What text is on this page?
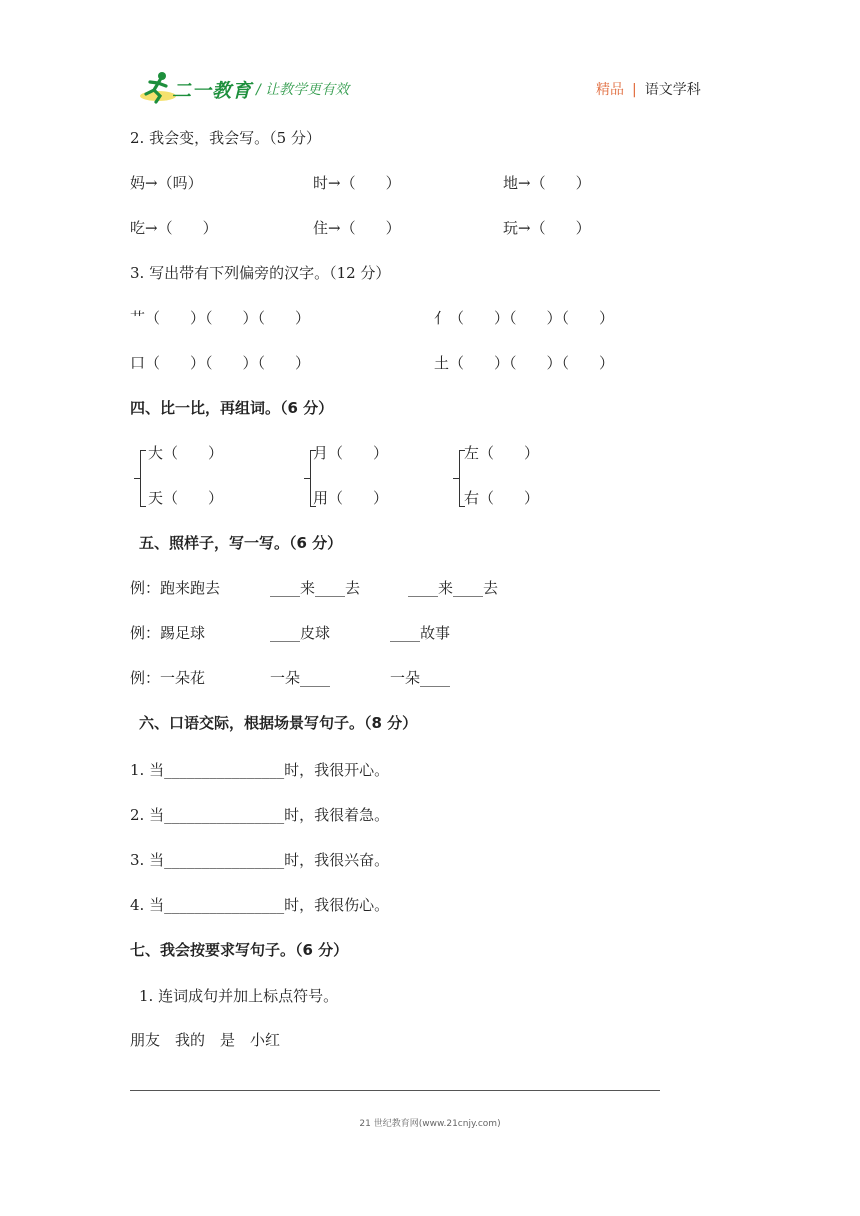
二一教育 / 让教学更有效	精品 | 语文学科
2. 我会变，我会写。（5 分）
妈→（吗）	时→（　　）	地→（　　）
吃→（　　）	住→（　　）	玩→（　　）
3. 写出带有下列偏旁的汉字。（12 分）
艹（　　）（　　）（　　）	亻（　　）（　　）（　　）
口（　　）（　　）（　　）	土（　　）（　　）（　　）
四、比一比，再组词。（6 分）
大（　　）
天（　　）
月（　　）
用（　　）
左（　　）
右（　　）
五、照样子，写一写。（6 分）
例：跑来跑去	____来____去	____来____去
例：踢足球	____皮球	____故事
例：一朵花	一朵____	一朵____
六、口语交际，根据场景写句子。（8 分）
1. 当________________时，我很开心。
2. 当________________时，我很着急。
3. 当________________时，我很兴奋。
4. 当________________时，我很伤心。
七、我会按要求写句子。（6 分）
1. 连词成句并加上标点符号。
朋友　我的　是　小红
21 世纪教育网(www.21cnjy.com)
